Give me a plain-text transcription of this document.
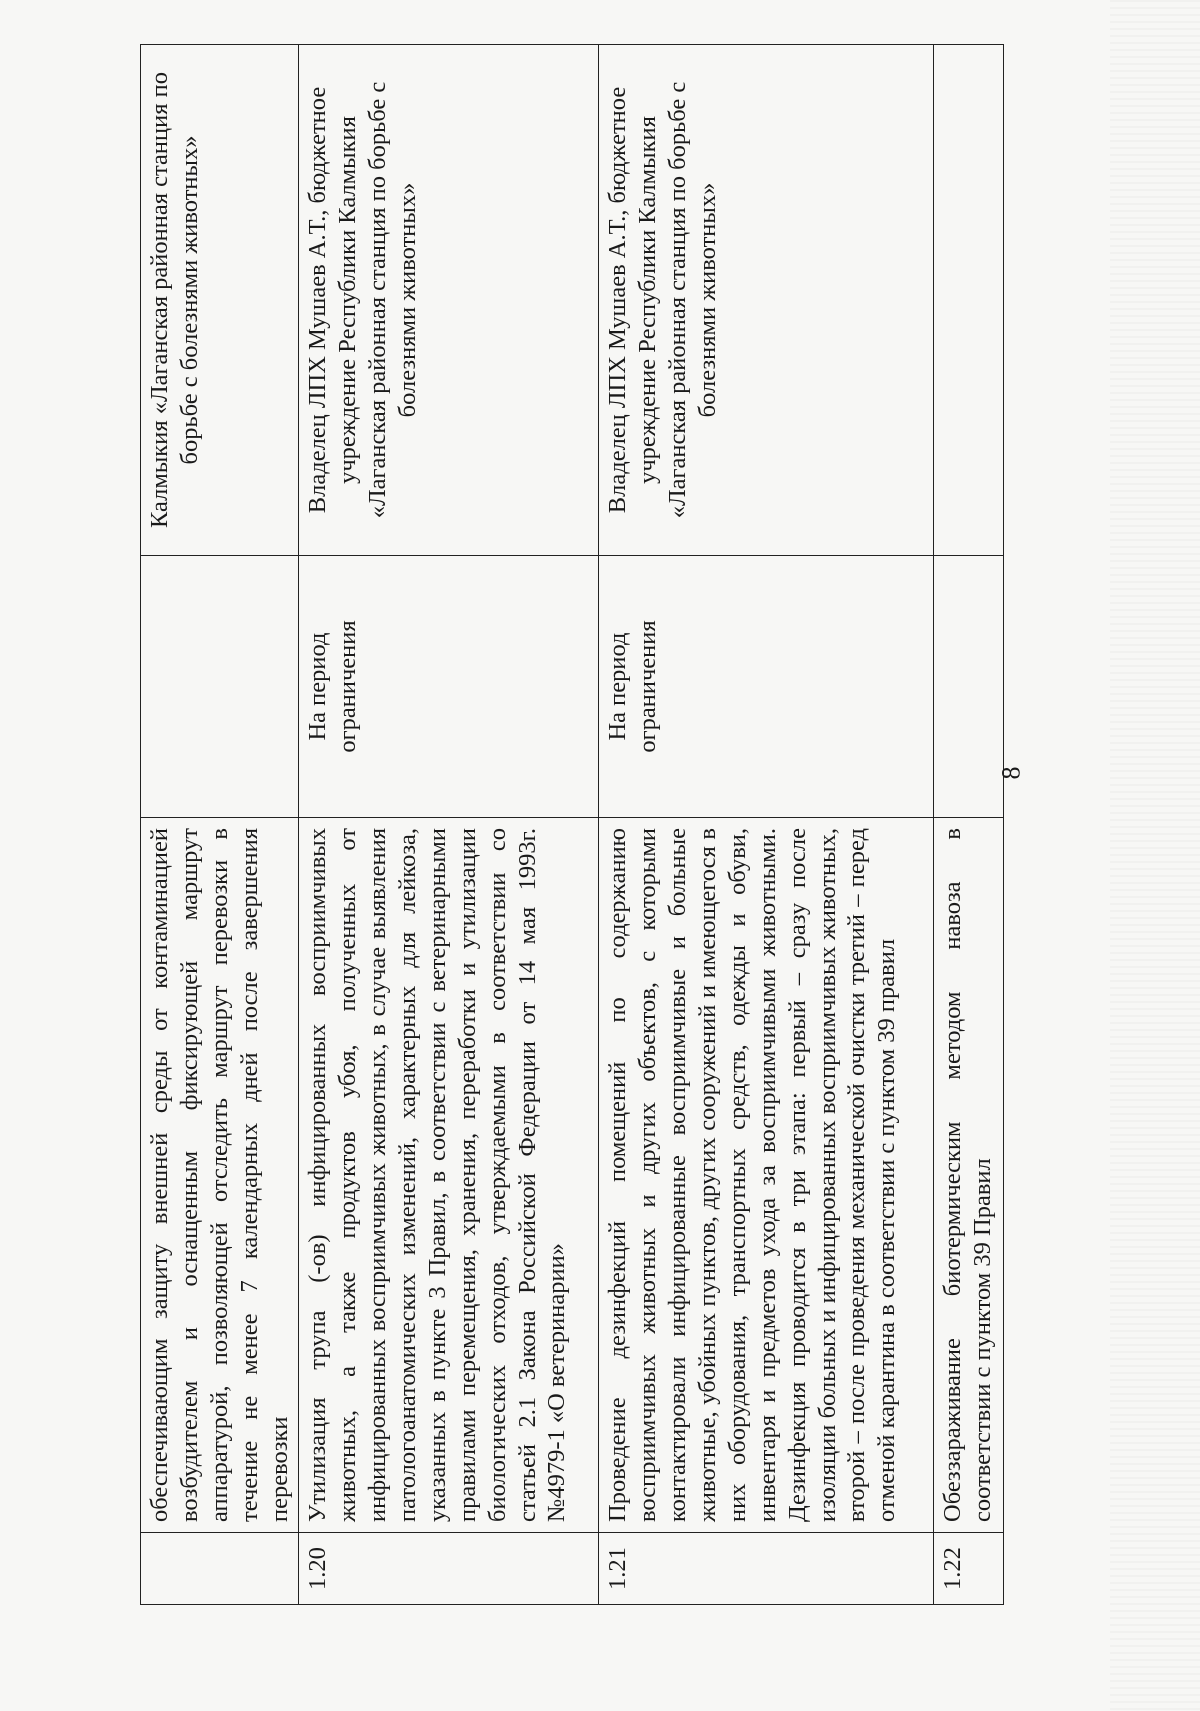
	обеспечивающим защиту внешней среды от контаминацией возбудителем и оснащенным фиксирующей маршрут аппаратурой, позволяющей отследить маршрут перевозки в течение не менее 7 календарных дней после завершения перевозки		Калмыкия «Лаганская районная станция по борьбе с болезнями животных»
1.20	Утилизация трупа (-ов) инфицированных восприимчивых животных, а также продуктов убоя, полученных от инфицированных восприимчивых животных, в случае выявления патологоанатомических изменений, характерных для лейкоза, указанных в пункте 3 Правил, в соответствии с ветеринарными правилами перемещения, хранения, переработки и утилизации биологических отходов, утверждаемыми в соответствии со статьей 2.1 Закона Российской Федерации от 14 мая 1993г. №4979-1 «О ветеринарии»	На период ограничения	Владелец ЛПХ Мушаев А.Т., бюджетное учреждение Республики Калмыкия «Лаганская районная станция по борьбе с болезнями животных»
1.21	Проведение дезинфекций помещений по содержанию восприимчивых животных и других объектов, с которыми контактировали инфицированные восприимчивые и больные животные, убойных пунктов, других сооружений и имеющегося в них оборудования, транспортных средств, одежды и обуви, инвентаря и предметов ухода за восприимчивыми животными. Дезинфекция проводится в три этапа: первый – сразу после изоляции больных и инфицированных восприимчивых животных, второй – после проведения механической очистки третий – перед отменой карантина в соответствии с пунктом 39 правил	На период ограничения	Владелец ЛПХ Мушаев А.Т., бюджетное учреждение Республики Калмыкия «Лаганская районная станция по борьбе с болезнями животных»
1.22	Обеззараживание биотермическим методом навоза в соответствии с пунктом 39 Правил		
8
